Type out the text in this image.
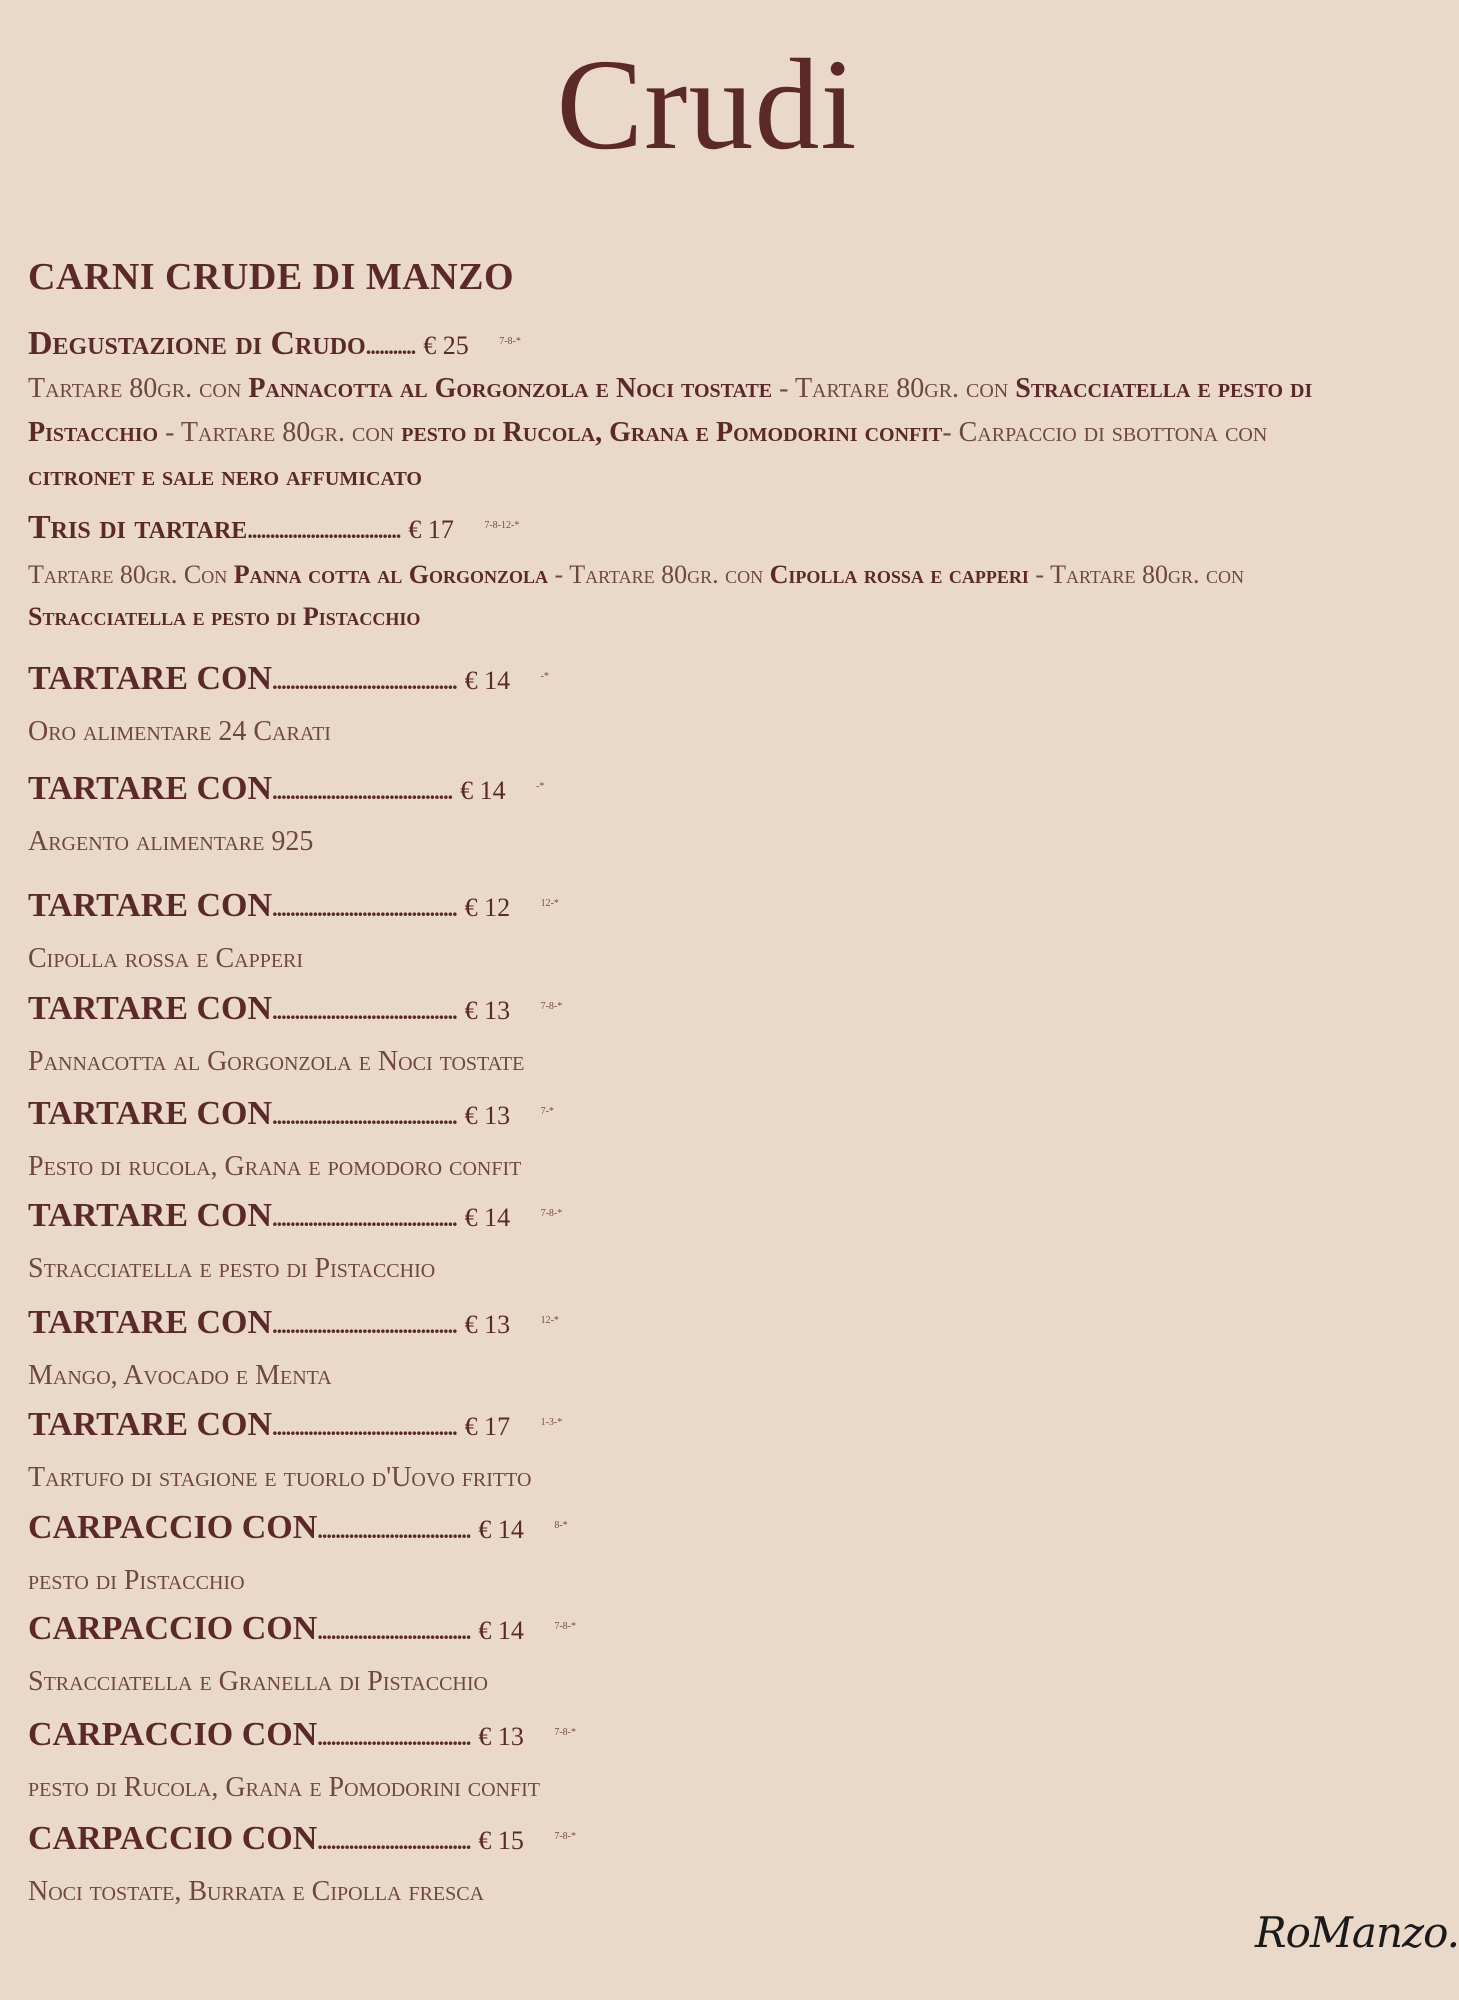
Crudi
CARNI CRUDE DI MANZO
Degustazione di Crudo ........... € 25	7-8-*
Tartare 80gr. con Pannacotta al Gorgonzola e Noci tostate - Tartare 80gr. con Stracciatella e pesto di Pistacchio - Tartare 80gr. con pesto di Rucola, Grana e Pomodorini confit- Carpaccio di sbottona con citronet e sale nero affumicato
Tris di tartare .................................. € 17	7-8-12-*
Tartare 80gr. Con Panna cotta al Gorgonzola - Tartare 80gr. con Cipolla rossa e capperi - Tartare 80gr. con Stracciatella e pesto di Pistacchio
TARTARE CON ......................................... € 14	-*
Oro alimentare 24 Carati
TARTARE CON ........................................ € 14	-*
Argento alimentare 925
TARTARE CON ......................................... € 12	12-*
Cipolla rossa e Capperi
TARTARE CON ......................................... € 13	7-8-*
Pannacotta al Gorgonzola e Noci tostate
TARTARE CON ......................................... € 13	7-*
Pesto di rucola, Grana e pomodoro confit
TARTARE CON ......................................... € 14	7-8-*
Stracciatella e pesto di Pistacchio
TARTARE CON ......................................... € 13	12-*
Mango, Avocado e Menta
TARTARE CON ......................................... € 17	1-3-*
Tartufo di stagione e tuorlo d'Uovo fritto
CARPACCIO CON .................................. € 14	8-*
pesto di Pistacchio
CARPACCIO CON .................................. € 14	7-8-*
Stracciatella e Granella di Pistacchio
CARPACCIO CON .................................. € 13	7-8-*
pesto di Rucola, Grana e Pomodorini confit
CARPACCIO CON .................................. € 15	7-8-*
Noci tostate, Burrata e Cipolla fresca
RoManzo.
